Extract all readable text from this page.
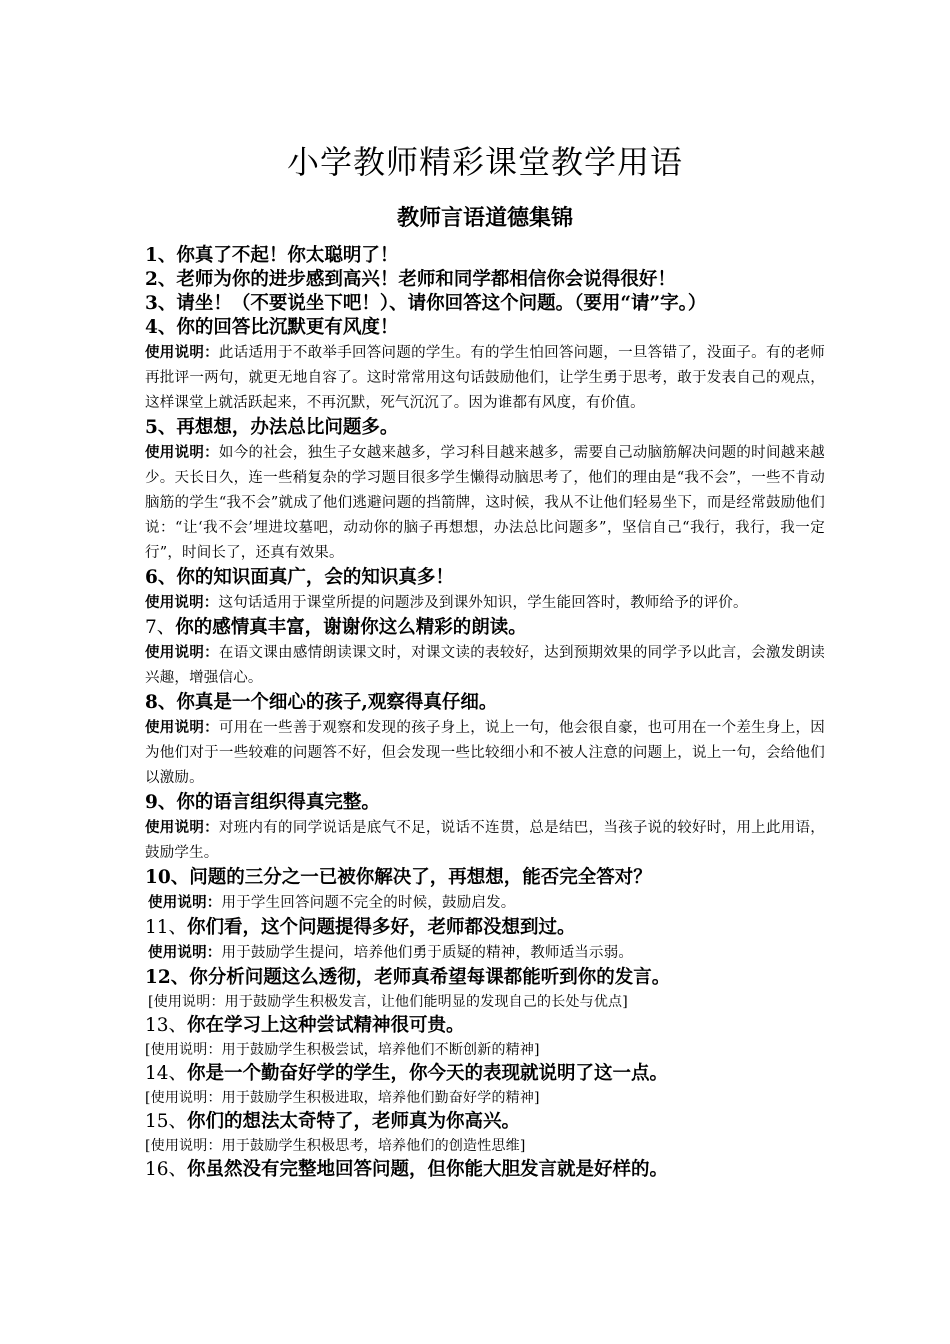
小学教师精彩课堂教学用语
教师言语道德集锦

1、你真了不起！你太聪明了！

2、老师为你的进步感到高兴！老师和同学都相信你会说得很好！

3、请坐！（不要说坐下吧！）、请你回答这个问题。（要用“请”字。）

4、你的回答比沉默更有风度！

使用说明：此话适用于不敢举手回答问题的学生。有的学生怕回答问题，一旦答错了，没面子。有的老师再批评一两句，就更无地自容了。这时常常用这句话鼓励他们，让学生勇于思考，敢于发表自己的观点，这样课堂上就活跃起来，不再沉默，死气沉沉了。因为谁都有风度，有价值。

5、再想想，办法总比问题多。

使用说明：如今的社会，独生子女越来越多，学习科目越来越多，需要自己动脑筋解决问题的时间越来越少。天长日久，连一些稍复杂的学习题目很多学生懒得动脑思考了，他们的理由是“我不会”，一些不肯动脑筋的学生“我不会”就成了他们逃避问题的挡箭牌，这时候，我从不让他们轻易坐下，而是经常鼓励他们说：“让‘我不会’埋进坟墓吧，动动你的脑子再想想，办法总比问题多”，坚信自己“我行，我行，我一定行”，时间长了，还真有效果。

6、你的知识面真广，会的知识真多！

使用说明：这句话适用于课堂所提的问题涉及到课外知识，学生能回答时，教师给予的评价。

7、你的感情真丰富，谢谢你这么精彩的朗读。

使用说明：在语文课由感情朗读课文时，对课文读的表较好，达到预期效果的同学予以此言，会激发朗读兴趣，增强信心。

8、你真是一个细心的孩子,观察得真仔细。

使用说明：可用在一些善于观察和发现的孩子身上，说上一句，他会很自豪，也可用在一个差生身上，因为他们对于一些较难的问题答不好，但会发现一些比较细小和不被人注意的问题上，说上一句，会给他们以激励。

9、你的语言组织得真完整。

使用说明：对班内有的同学说话是底气不足，说话不连贯，总是结巴，当孩子说的较好时，用上此用语，鼓励学生。

10、问题的三分之一已被你解决了，再想想，能否完全答对？

使用说明：用于学生回答问题不完全的时候，鼓励启发。

11、你们看，这个问题提得多好，老师都没想到过。

使用说明：用于鼓励学生提问，培养他们勇于质疑的精神，教师适当示弱。

12、你分析问题这么透彻，老师真希望每课都能听到你的发言。

[使用说明：用于鼓励学生积极发言，让他们能明显的发现自己的长处与优点]

13、你在学习上这种尝试精神很可贵。

[使用说明：用于鼓励学生积极尝试，培养他们不断创新的精神]

14、你是一个勤奋好学的学生，你今天的表现就说明了这一点。

[使用说明：用于鼓励学生积极进取，培养他们勤奋好学的精神]

15、你们的想法太奇特了，老师真为你高兴。

[使用说明：用于鼓励学生积极思考，培养他们的创造性思维]

16、你虽然没有完整地回答问题，但你能大胆发言就是好样的。
